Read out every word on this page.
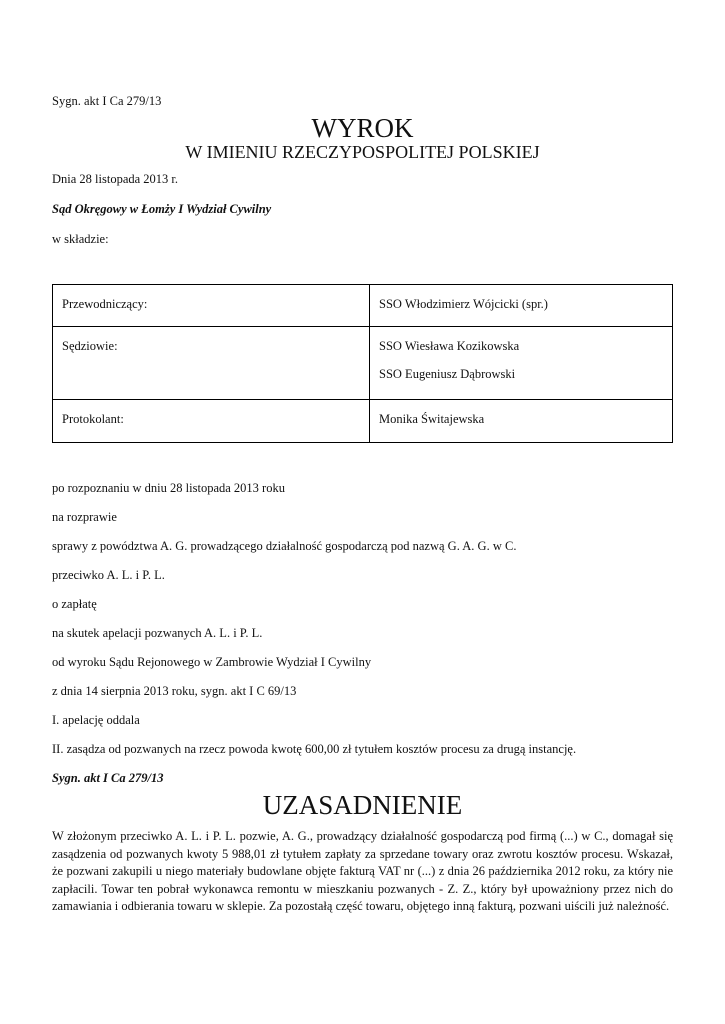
Sygn. akt I Ca 279/13
WYROK
W IMIENIU RZECZYPOSPOLITEJ POLSKIEJ
Dnia 28 listopada 2013 r.
Sąd Okręgowy w Łomży I Wydział Cywilny
w składzie:
Przewodniczący:	SSO Włodzimierz Wójcicki (spr.)
Sędziowie:	SSO Wiesława Kozikowska
SSO Eugeniusz Dąbrowski

Protokolant:	Monika Świtajewska
po rozpoznaniu w dniu 28 listopada 2013 roku
na rozprawie
sprawy z powództwa A. G. prowadzącego działalność gospodarczą pod nazwą G. A. G. w C.
przeciwko A. L. i P. L.
o zapłatę
na skutek apelacji pozwanych A. L. i P. L.
od wyroku Sądu Rejonowego w Zambrowie Wydział I Cywilny
z dnia 14 sierpnia 2013 roku, sygn. akt I C 69/13
I. apelację oddala
II. zasądza od pozwanych na rzecz powoda kwotę 600,00 zł tytułem kosztów procesu za drugą instancję.
Sygn. akt I Ca 279/13
UZASADNIENIE
W złożonym przeciwko A. L. i P. L. pozwie, A. G., prowadzący działalność gospodarczą pod firmą (...) w C., domagał się zasądzenia od pozwanych kwoty 5 988,01 zł tytułem zapłaty za sprzedane towary oraz zwrotu kosztów procesu. Wskazał, że pozwani zakupili u niego materiały budowlane objęte fakturą VAT nr (...) z dnia 26 października 2012 roku, za który nie zapłacili. Towar ten pobrał wykonawca remontu w mieszkaniu pozwanych - Z. Z., który był upoważniony przez nich do zamawiania i odbierania towaru w sklepie. Za pozostałą część towaru, objętego inną fakturą, pozwani uiścili już należność.
